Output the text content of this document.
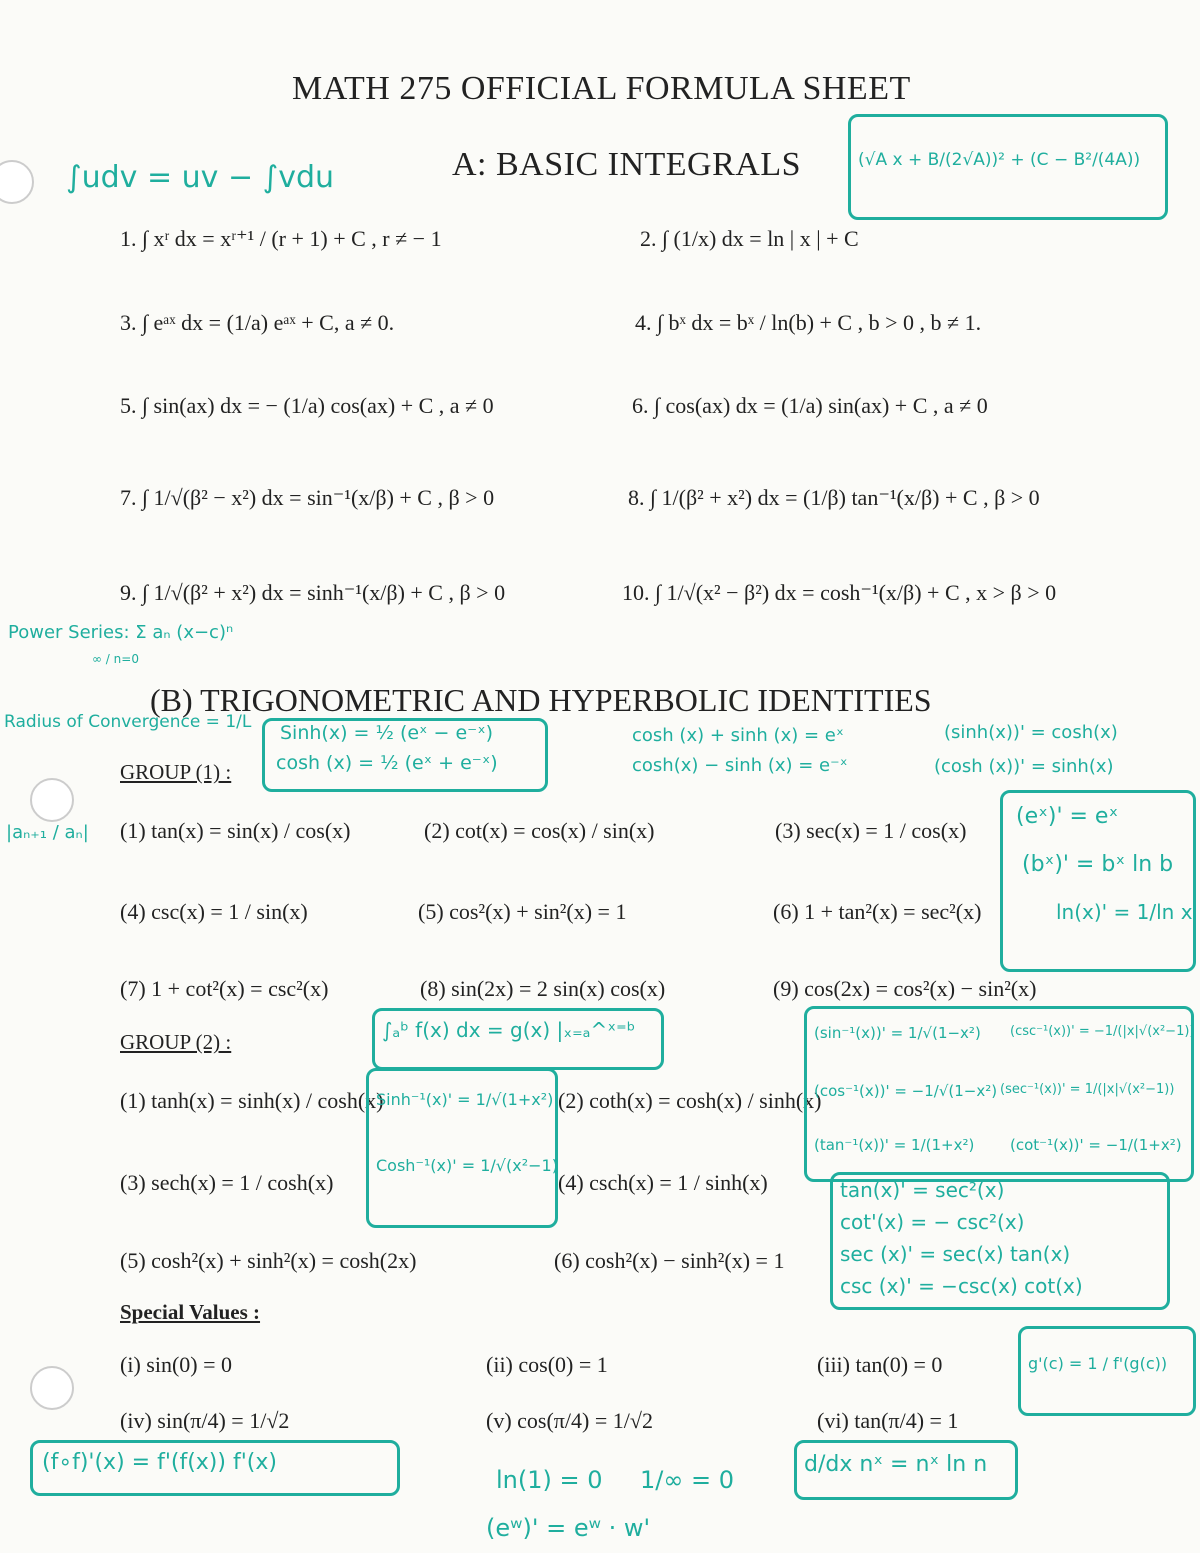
MATH 275 OFFICIAL FORMULA SHEET
A: BASIC INTEGRALS
1. ∫ xʳ dx = xʳ⁺¹ / (r + 1) + C , r ≠ − 1	2. ∫ (1/x) dx = ln | x | + C
3. ∫ eᵃˣ dx = (1/a) eᵃˣ + C, a ≠ 0.	4. ∫ bˣ dx = bˣ / ln(b) + C , b > 0 , b ≠ 1.
5. ∫ sin(ax) dx = − (1/a) cos(ax) + C , a ≠ 0	6. ∫ cos(ax) dx = (1/a) sin(ax) + C , a ≠ 0
7. ∫ 1/√(β² − x²) dx = sin⁻¹(x/β) + C , β > 0	8. ∫ 1/(β² + x²) dx = (1/β) tan⁻¹(x/β) + C , β > 0
9. ∫ 1/√(β² + x²) dx = sinh⁻¹(x/β) + C , β > 0	10. ∫ 1/√(x² − β²) dx = cosh⁻¹(x/β) + C , x > β > 0
(B) TRIGONOMETRIC AND HYPERBOLIC IDENTITIES
GROUP (1) :
(1) tan(x) = sin(x) / cos(x)	(2) cot(x) = cos(x) / sin(x)	(3) sec(x) = 1 / cos(x)
(4) csc(x) = 1 / sin(x)	(5) cos²(x) + sin²(x) = 1	(6) 1 + tan²(x) = sec²(x)
(7) 1 + cot²(x) = csc²(x)	(8) sin(2x) = 2 sin(x) cos(x)	(9) cos(2x) = cos²(x) − sin²(x)
GROUP (2) :
(1) tanh(x) = sinh(x) / cosh(x)	(2) coth(x) = cosh(x) / sinh(x)
(3) sech(x) = 1 / cosh(x)	(4) csch(x) = 1 / sinh(x)
(5) cosh²(x) + sinh²(x) = cosh(2x)	(6) cosh²(x) − sinh²(x) = 1
Special Values :
(i) sin(0) = 0	(ii) cos(0) = 1	(iii) tan(0) = 0
(iv) sin(π/4) = 1/√2	(v) cos(π/4) = 1/√2	(vi) tan(π/4) = 1
∫udv = uv − ∫vdu	(√A x + B/(2√A))² + (C − B²/(4A))
Power Series: Σ aₙ (x−c)ⁿ
∞ / n=0
Radius of Convergence = 1/L
|aₙ₊₁ / aₙ|
Sinh(x) = ½ (eˣ − e⁻ˣ)
cosh (x) = ½ (eˣ + e⁻ˣ)
cosh (x) + sinh (x) = eˣ
cosh(x) − sinh (x) = e⁻ˣ
(sinh(x))' = cosh(x)
(cosh (x))' = sinh(x)
(eˣ)' = eˣ
(bˣ)' = bˣ ln b
ln(x)' = 1/ln x
∫ₐᵇ f(x) dx = g(x) |ₓ₌ₐ^ˣ⁼ᵇ
Sinh⁻¹(x)' = 1/√(1+x²)
Cosh⁻¹(x)' = 1/√(x²−1)
(sin⁻¹(x))' = 1/√(1−x²) (csc⁻¹(x))' = −1/(|x|√(x²−1))
(cos⁻¹(x))' = −1/√(1−x²) (sec⁻¹(x))' = 1/(|x|√(x²−1))
(tan⁻¹(x))' = 1/(1+x²) (cot⁻¹(x))' = −1/(1+x²)
tan(x)' = sec²(x)
cot'(x) = − csc²(x)
sec (x)' = sec(x) tan(x)
csc (x)' = −csc(x) cot(x)
g'(c) = 1 / f'(g(c))
(f∘f)'(x) = f'(f(x)) f'(x)
ln(1) = 0 1/∞ = 0
(eʷ)' = eʷ · w'
d/dx nˣ = nˣ ln n
